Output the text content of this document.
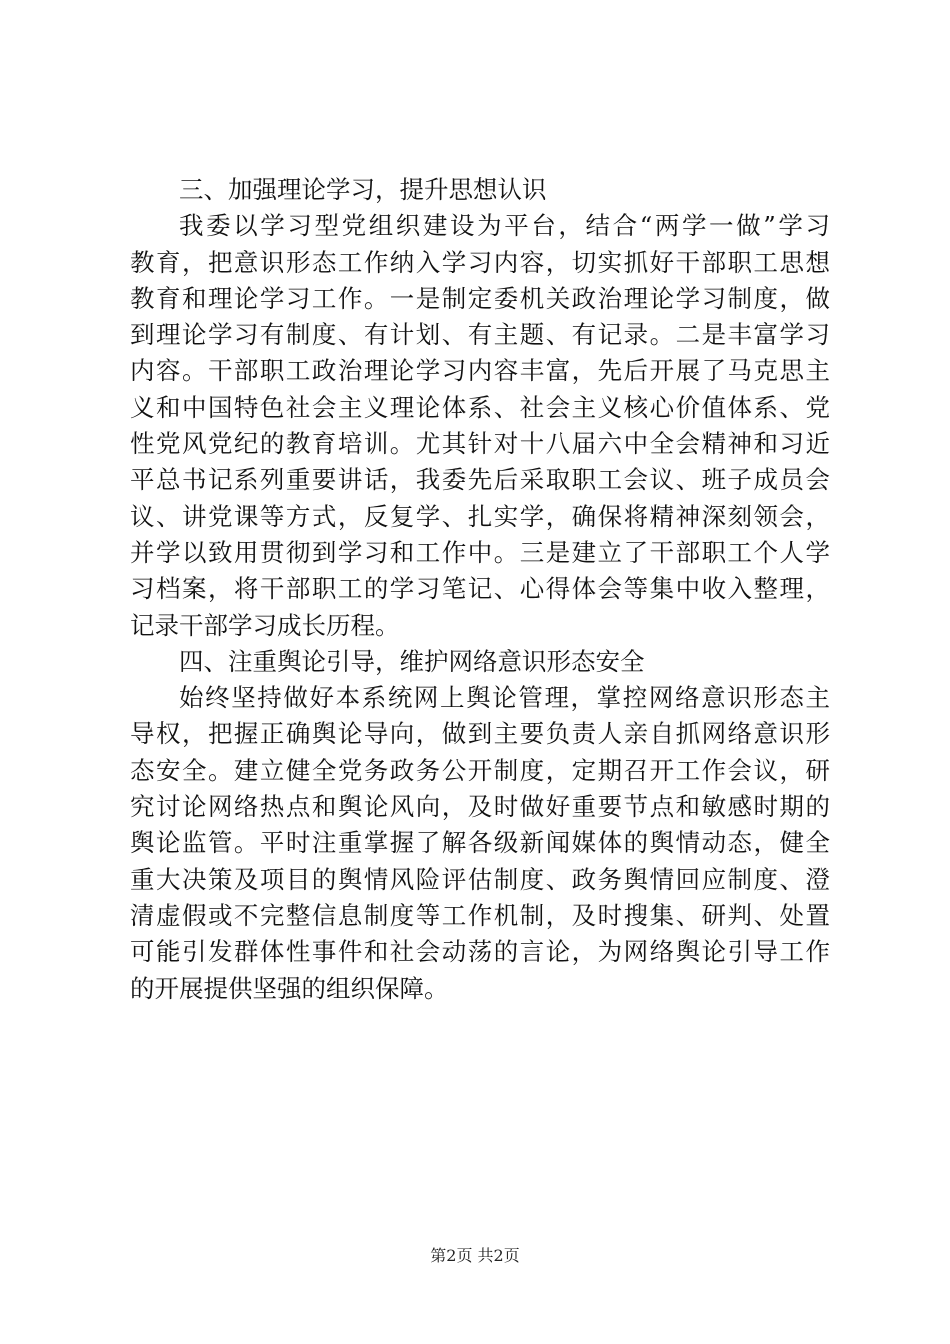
三、加强理论学习，提升思想认识
我委以学习型党组织建设为平台，结合“两学一做”学习
教育，把意识形态工作纳入学习内容，切实抓好干部职工思想
教育和理论学习工作。一是制定委机关政治理论学习制度，做
到理论学习有制度、有计划、有主题、有记录。二是丰富学习
内容。干部职工政治理论学习内容丰富，先后开展了马克思主
义和中国特色社会主义理论体系、社会主义核心价值体系、党
性党风党纪的教育培训。尤其针对十八届六中全会精神和习近
平总书记系列重要讲话，我委先后采取职工会议、班子成员会
议、讲党课等方式，反复学、扎实学，确保将精神深刻领会，
并学以致用贯彻到学习和工作中。三是建立了干部职工个人学
习档案，将干部职工的学习笔记、心得体会等集中收入整理，
记录干部学习成长历程。
四、注重舆论引导，维护网络意识形态安全
始终坚持做好本系统网上舆论管理，掌控网络意识形态主
导权，把握正确舆论导向，做到主要负责人亲自抓网络意识形
态安全。建立健全党务政务公开制度，定期召开工作会议，研
究讨论网络热点和舆论风向，及时做好重要节点和敏感时期的
舆论监管。平时注重掌握了解各级新闻媒体的舆情动态，健全
重大决策及项目的舆情风险评估制度、政务舆情回应制度、澄
清虚假或不完整信息制度等工作机制，及时搜集、研判、处置
可能引发群体性事件和社会动荡的言论，为网络舆论引导工作
的开展提供坚强的组织保障。
第2页 共2页
